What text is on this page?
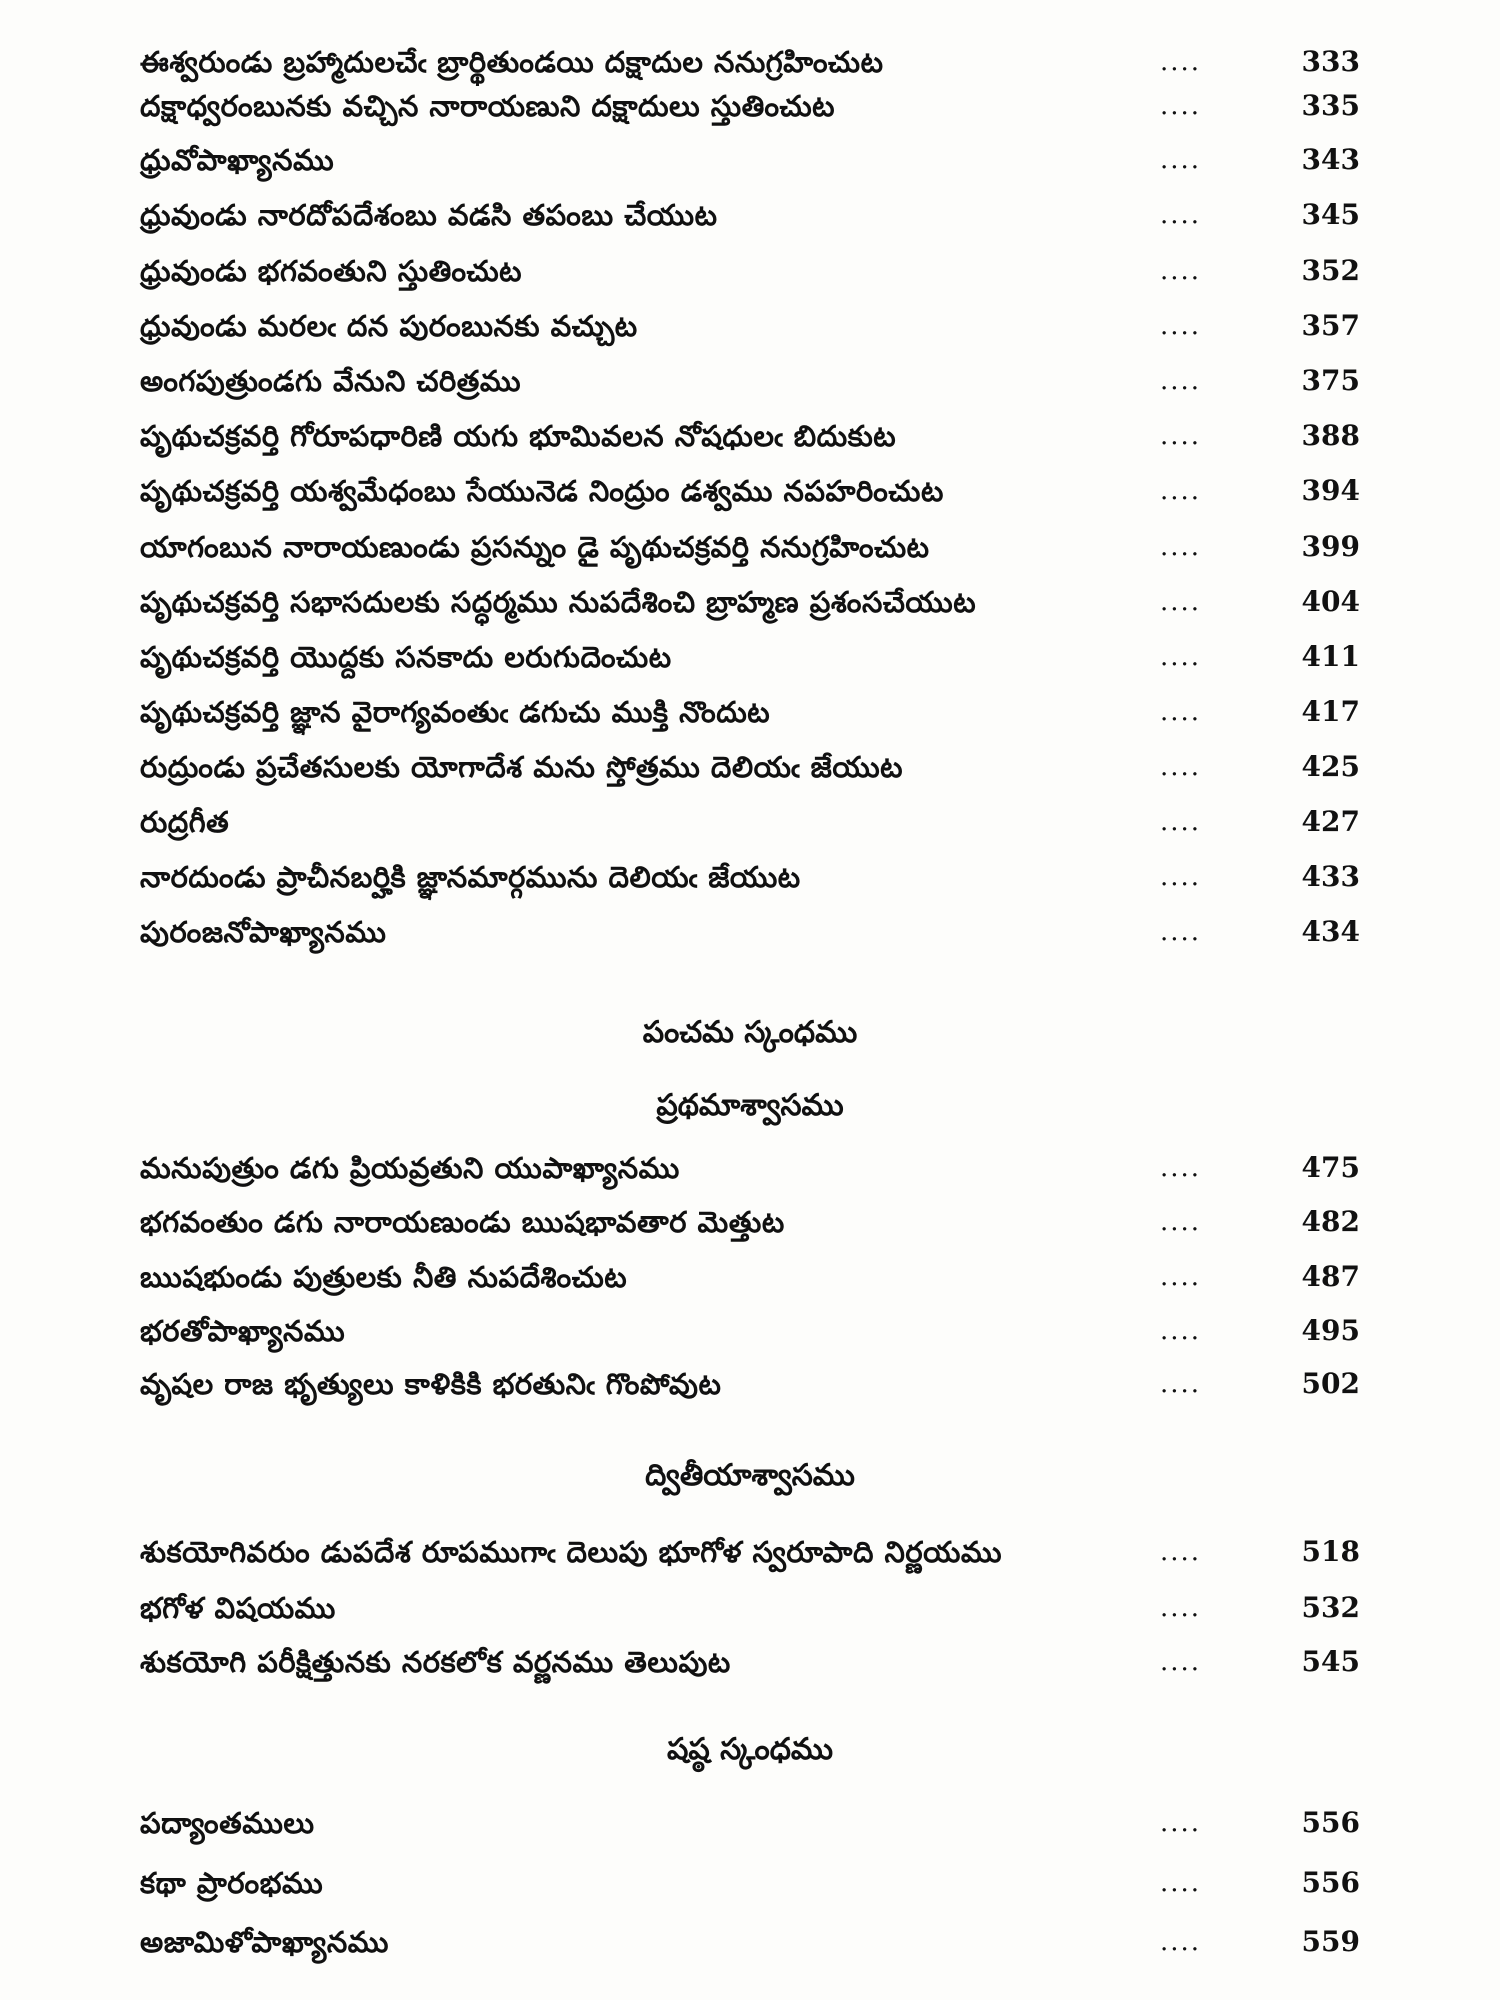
ఈశ్వరుండు బ్రహ్మాదులచేఁ బ్రార్థితుండయి దక్షాదుల ననుగ్రహించుట	....	333
దక్షాధ్వరంబునకు వచ్చిన నారాయణుని దక్షాదులు స్తుతించుట	....	335
ధ్రువోపాఖ్యానము	....	343
ధ్రువుండు నారదోపదేశంబు వడసి తపంబు చేయుట	....	345
ధ్రువుండు భగవంతుని స్తుతించుట	....	352
ధ్రువుండు మరలఁ దన పురంబునకు వచ్చుట	....	357
అంగపుత్రుండగు వేనుని చరిత్రము	....	375
పృథుచక్రవర్తి గోరూపధారిణి యగు భూమివలన నోషధులఁ బిదుకుట	....	388
పృథుచక్రవర్తి యశ్వమేధంబు సేయునెడ నింద్రుం డశ్వము నపహరించుట	....	394
యాగంబున నారాయణుండు ప్రసన్నుం డై పృథుచక్రవర్తి ననుగ్రహించుట	....	399
పృథుచక్రవర్తి సభాసదులకు సద్ధర్మము నుపదేశించి బ్రాహ్మణ ప్రశంసచేయుట	....	404
పృథుచక్రవర్తి యొద్దకు సనకాదు లరుగుదెంచుట	....	411
పృథుచక్రవర్తి జ్ఞాన వైరాగ్యవంతుఁ డగుచు ముక్తి నొందుట	....	417
రుద్రుండు ప్రచేతసులకు యోగాదేశ మను స్తోత్రము దెలియఁ జేయుట	....	425
రుద్రగీత	....	427
నారదుండు ప్రాచీనబర్హికి జ్ఞానమార్గమును దెలియఁ జేయుట	....	433
పురంజనోపాఖ్యానము	....	434
పంచమ స్కంధము
ప్రథమాశ్వాసము
మనుపుత్రుం డగు ప్రియవ్రతుని యుపాఖ్యానము	....	475
భగవంతుం డగు నారాయణుండు ఋషభావతార మెత్తుట	....	482
ఋషభుండు పుత్రులకు నీతి నుపదేశించుట	....	487
భరతోపాఖ్యానము	....	495
వృషల రాజ భృత్యులు కాళికికి భరతునిఁ గొంపోవుట	....	502
ద్వితీయాశ్వాసము
శుకయోగివరుం డుపదేశ రూపముగాఁ దెలుపు భూగోళ స్వరూపాది నిర్ణయము	....	518
భగోళ విషయము	....	532
శుకయోగి పరీక్షిత్తునకు నరకలోక వర్ణనము తెలుపుట	....	545
షష్ఠ స్కంధము
పద్యాంతములు	....	556
కథా ప్రారంభము	....	556
అజామిళోపాఖ్యానము	....	559
